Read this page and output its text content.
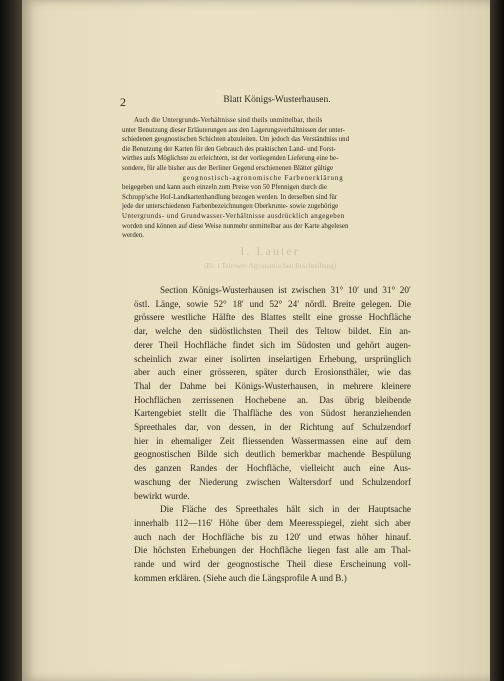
2	Blatt Königs-Wusterhausen.
Auch die Untergrunds-Verhältnisse sind theils unmittelbar, theils
unter Benutzung dieser Erläuterungen aus den Lagerungsverhältnissen der unter-
schiedenen geognostischen Schichten abzuleiten. Um jedoch das Verständniss und
die Benutzung der Karten für den Gebrauch des praktischen Land- und Forst-
wirthes aufs Möglichste zu erleichtern, ist der vorliegenden Lieferung eine be-
sondere, für alle bisher aus der Berliner Gegend erschienenen Blätter gültige
geognostisch-agronomische Farbenerklärung
beigegeben und kann auch einzeln zum Preise von 50 Pfennigen durch die
Schropp'sche Hof-Landkartenhandlung bezogen werden. In derselben sind für
jede der unterschiedenen Farbenbezeichnungen Oberkrume- sowie zugehörige
Untergrunds- und Grundwasser-Verhältnisse ausdrücklich angegeben
worden und können auf diese Weise nunmehr unmittelbar aus der Karte abgelesen
werden.
I. Lauter
(Bl. 1 Teltower-Agronomischen Beschreibung)
Section Königs-Wusterhausen ist zwischen 31° 10′ und 31° 20′
östl. Länge, sowie 52° 18′ und 52° 24′ nördl. Breite gelegen. Die
grössere westliche Hälfte des Blattes stellt eine grosse Hochfläche
dar, welche den südöstlichsten Theil des Teltow bildet. Ein an-
derer Theil Hochfläche findet sich im Südosten und gehört augen-
scheinlich zwar einer isolirten inselartigen Erhebung, ursprünglich
aber auch einer grösseren, später durch Erosionsthäler, wie das
Thal der Dahme bei Königs-Wusterhausen, in mehrere kleinere
Hochflächen zerrissenen Hochebene an. Das übrig bleibende
Kartengebiet stellt die Thalfläche des von Südost heranziehenden
Spreethales dar, von dessen, in der Richtung auf Schulzendorf
hier in ehemaliger Zeit fliessenden Wassermassen eine auf dem
geognostischen Bilde sich deutlich bemerkbar machende Bespülung
des ganzen Randes der Hochfläche, vielleicht auch eine Aus-
waschung der Niederung zwischen Waltersdorf und Schulzendorf
bewirkt wurde.
Die Fläche des Spreethales hält sich in der Hauptsache
innerhalb 112—116′ Höhe über dem Meeresspiegel, zieht sich aber
auch nach der Hochfläche bis zu 120′ und etwas höher hinauf.
Die höchsten Erhebungen der Hochfläche liegen fast alle am Thal-
rande und wird der geognostische Theil diese Erscheinung voll-
kommen erklären. (Siehe auch die Längsprofile A und B.)
